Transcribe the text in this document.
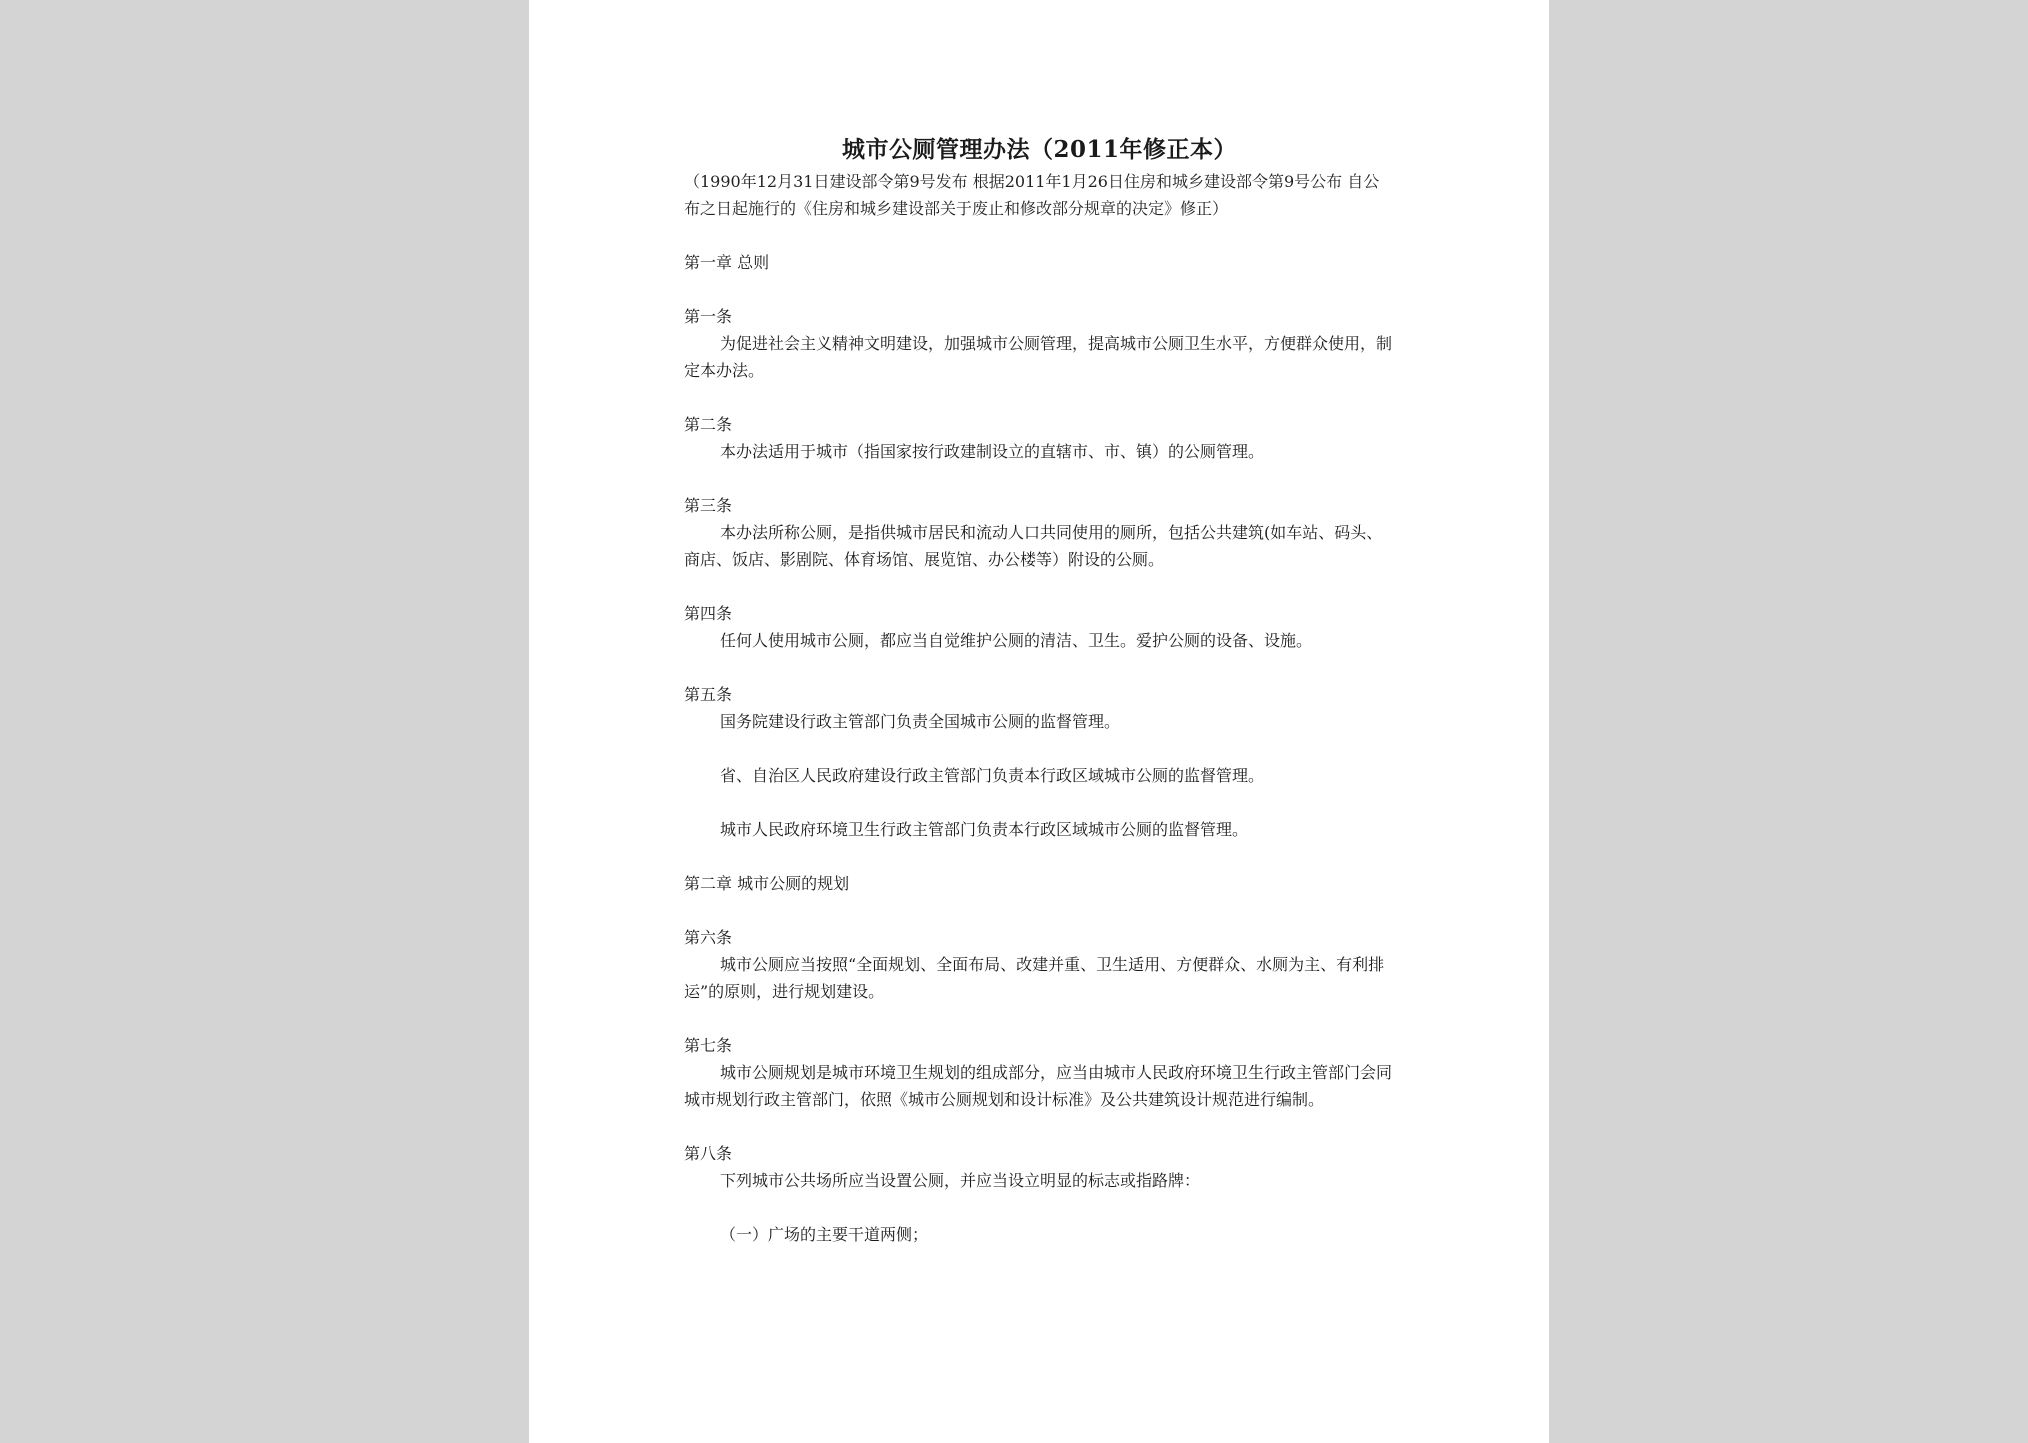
城市公厕管理办法（2011年修正本）

（1990年12月31日建设部令第9号发布 根据2011年1月26日住房和城乡建设部令第9号公布 自公布之日起施行的《住房和城乡建设部关于废止和修改部分规章的决定》修正）

第一章 总则

第一条

为促进社会主义精神文明建设，加强城市公厕管理，提高城市公厕卫生水平，方便群众使用，制定本办法。

第二条

本办法适用于城市（指国家按行政建制设立的直辖市、市、镇）的公厕管理。

第三条

本办法所称公厕，是指供城市居民和流动人口共同使用的厕所，包括公共建筑(如车站、码头、商店、饭店、影剧院、体育场馆、展览馆、办公楼等）附设的公厕。

第四条

任何人使用城市公厕，都应当自觉维护公厕的清洁、卫生。爱护公厕的设备、设施。

第五条

国务院建设行政主管部门负责全国城市公厕的监督管理。

省、自治区人民政府建设行政主管部门负责本行政区域城市公厕的监督管理。

城市人民政府环境卫生行政主管部门负责本行政区域城市公厕的监督管理。

第二章 城市公厕的规划

第六条

城市公厕应当按照“全面规划、全面布局、改建并重、卫生适用、方便群众、水厕为主、有利排运”的原则，进行规划建设。

第七条

城市公厕规划是城市环境卫生规划的组成部分，应当由城市人民政府环境卫生行政主管部门会同城市规划行政主管部门，依照《城市公厕规划和设计标准》及公共建筑设计规范进行编制。

第八条

下列城市公共场所应当设置公厕，并应当设立明显的标志或指路牌：

（一）广场的主要干道两侧；
